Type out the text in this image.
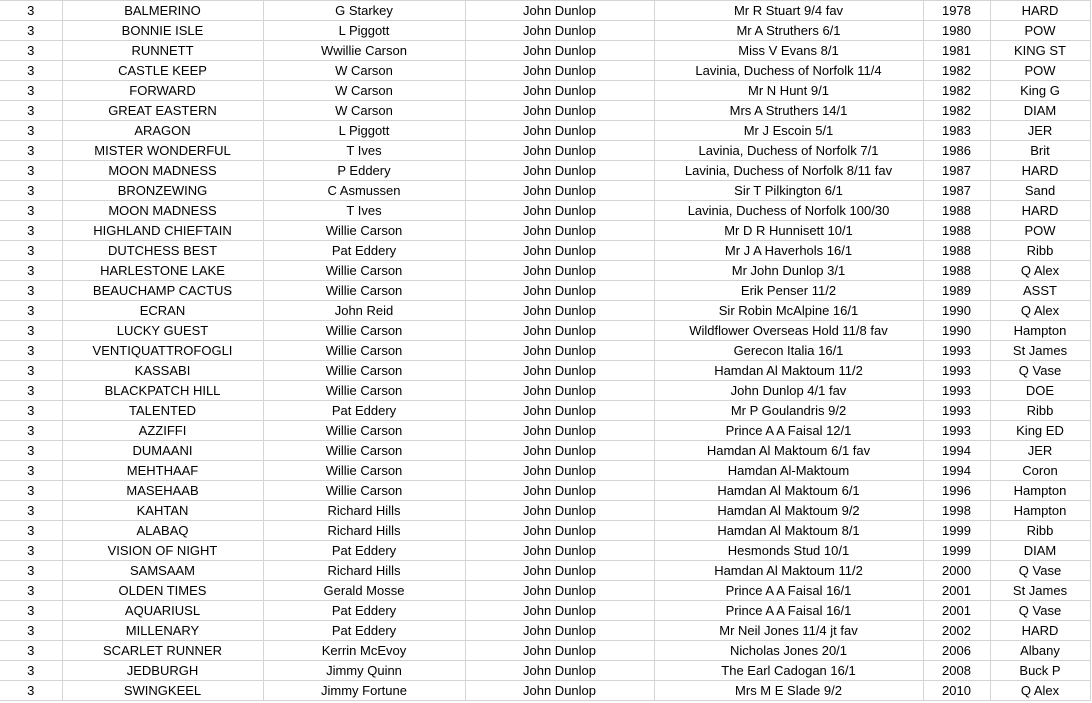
3	BALMERINO	G Starkey	John Dunlop	Mr R Stuart 9/4 fav	1978	HARD
3	BONNIE ISLE	L Piggott	John Dunlop	Mr A Struthers 6/1	1980	POW
3	RUNNETT	Wwillie Carson	John Dunlop	Miss V Evans 8/1	1981	KING ST
3	CASTLE KEEP	W Carson	John Dunlop	Lavinia, Duchess of Norfolk 11/4	1982	POW
3	FORWARD	W Carson	John Dunlop	Mr N Hunt 9/1	1982	King G
3	GREAT EASTERN	W Carson	John Dunlop	Mrs A Struthers 14/1	1982	DIAM
3	ARAGON	L Piggott	John Dunlop	Mr J Escoin 5/1	1983	JER
3	MISTER WONDERFUL	T Ives	John Dunlop	Lavinia, Duchess of Norfolk 7/1	1986	Brit
3	MOON MADNESS	P Eddery	John Dunlop	Lavinia, Duchess of Norfolk 8/11 fav	1987	HARD
3	BRONZEWING	C Asmussen	John Dunlop	Sir T Pilkington 6/1	1987	Sand
3	MOON MADNESS	T Ives	John Dunlop	Lavinia, Duchess of Norfolk 100/30	1988	HARD
3	HIGHLAND CHIEFTAIN	Willie Carson	John Dunlop	Mr D R Hunnisett 10/1	1988	POW
3	DUTCHESS BEST	Pat Eddery	John Dunlop	Mr J A Haverhols 16/1	1988	Ribb
3	HARLESTONE LAKE	Willie Carson	John Dunlop	Mr John Dunlop 3/1	1988	Q Alex
3	BEAUCHAMP CACTUS	Willie Carson	John Dunlop	Erik Penser 11/2	1989	ASST
3	ECRAN	John Reid	John Dunlop	Sir Robin McAlpine 16/1	1990	Q Alex
3	LUCKY GUEST	Willie Carson	John Dunlop	Wildflower Overseas Hold 11/8 fav	1990	Hampton
3	VENTIQUATTROFOGLI	Willie Carson	John Dunlop	Gerecon Italia 16/1	1993	St James
3	KASSABI	Willie Carson	John Dunlop	Hamdan Al Maktoum 11/2	1993	Q Vase
3	BLACKPATCH HILL	Willie Carson	John Dunlop	John Dunlop 4/1 fav	1993	DOE
3	TALENTED	Pat Eddery	John Dunlop	Mr P Goulandris 9/2	1993	Ribb
3	AZZIFFI	Willie Carson	John Dunlop	Prince A A Faisal 12/1	1993	King ED
3	DUMAANI	Willie Carson	John Dunlop	Hamdan Al Maktoum 6/1 fav	1994	JER
3	MEHTHAAF	Willie Carson	John Dunlop	Hamdan Al-Maktoum	1994	Coron
3	MASEHAAB	Willie Carson	John Dunlop	Hamdan Al Maktoum 6/1	1996	Hampton
3	KAHTAN	Richard Hills	John Dunlop	Hamdan Al Maktoum 9/2	1998	Hampton
3	ALABAQ	Richard Hills	John Dunlop	Hamdan Al Maktoum 8/1	1999	Ribb
3	VISION OF NIGHT	Pat Eddery	John Dunlop	Hesmonds Stud 10/1	1999	DIAM
3	SAMSAAM	Richard Hills	John Dunlop	Hamdan Al Maktoum 11/2	2000	Q Vase
3	OLDEN TIMES	Gerald Mosse	John Dunlop	Prince A A Faisal 16/1	2001	St James
3	AQUARIUSL	Pat Eddery	John Dunlop	Prince A A Faisal 16/1	2001	Q Vase
3	MILLENARY	Pat Eddery	John Dunlop	Mr Neil Jones 11/4 jt fav	2002	HARD
3	SCARLET RUNNER	Kerrin McEvoy	John Dunlop	Nicholas Jones 20/1	2006	Albany
3	JEDBURGH	Jimmy Quinn	John Dunlop	The Earl Cadogan 16/1	2008	Buck P
3	SWINGKEEL	Jimmy Fortune	John Dunlop	Mrs M E Slade 9/2	2010	Q Alex
